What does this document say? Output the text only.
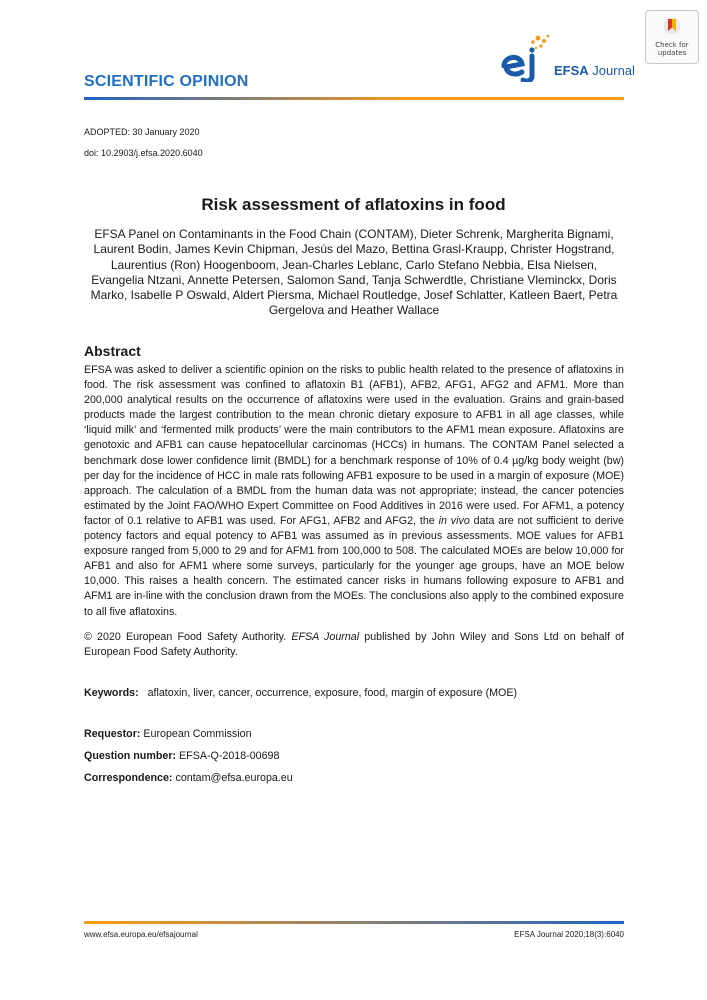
Check for
updates
EFSA Journal
SCIENTIFIC OPINION
ADOPTED: 30 January 2020
doi: 10.2903/j.efsa.2020.6040
Risk assessment of aflatoxins in food
EFSA Panel on Contaminants in the Food Chain (CONTAM), Dieter Schrenk, Margherita Bignami, Laurent Bodin, James Kevin Chipman, Jesús del Mazo, Bettina Grasl-Kraupp, Christer Hogstrand, Laurentius (Ron) Hoogenboom, Jean-Charles Leblanc, Carlo Stefano Nebbia, Elsa Nielsen, Evangelia Ntzani, Annette Petersen, Salomon Sand, Tanja Schwerdtle, Christiane Vleminckx, Doris Marko, Isabelle P Oswald, Aldert Piersma, Michael Routledge, Josef Schlatter, Katleen Baert, Petra Gergelova and Heather Wallace
Abstract
EFSA was asked to deliver a scientific opinion on the risks to public health related to the presence of aflatoxins in food. The risk assessment was confined to aflatoxin B1 (AFB1), AFB2, AFG1, AFG2 and AFM1. More than 200,000 analytical results on the occurrence of aflatoxins were used in the evaluation. Grains and grain-based products made the largest contribution to the mean chronic dietary exposure to AFB1 in all age classes, while ‘liquid milk’ and ‘fermented milk products’ were the main contributors to the AFM1 mean exposure. Aflatoxins are genotoxic and AFB1 can cause hepatocellular carcinomas (HCCs) in humans. The CONTAM Panel selected a benchmark dose lower confidence limit (BMDL) for a benchmark response of 10% of 0.4 µg/kg body weight (bw) per day for the incidence of HCC in male rats following AFB1 exposure to be used in a margin of exposure (MOE) approach. The calculation of a BMDL from the human data was not appropriate; instead, the cancer potencies estimated by the Joint FAO/WHO Expert Committee on Food Additives in 2016 were used. For AFM1, a potency factor of 0.1 relative to AFB1 was used. For AFG1, AFB2 and AFG2, the in vivo data are not sufficient to derive potency factors and equal potency to AFB1 was assumed as in previous assessments. MOE values for AFB1 exposure ranged from 5,000 to 29 and for AFM1 from 100,000 to 508. The calculated MOEs are below 10,000 for AFB1 and also for AFM1 where some surveys, particularly for the younger age groups, have an MOE below 10,000. This raises a health concern. The estimated cancer risks in humans following exposure to AFB1 and AFM1 are in-line with the conclusion drawn from the MOEs. The conclusions also apply to the combined exposure to all five aflatoxins.
© 2020 European Food Safety Authority. EFSA Journal published by John Wiley and Sons Ltd on behalf of European Food Safety Authority.
Keywords: aflatoxin, liver, cancer, occurrence, exposure, food, margin of exposure (MOE)
Requestor: European Commission
Question number: EFSA-Q-2018-00698
Correspondence: contam@efsa.europa.eu
www.efsa.europa.eu/efsajournal	EFSA Journal 2020;18(3):6040
